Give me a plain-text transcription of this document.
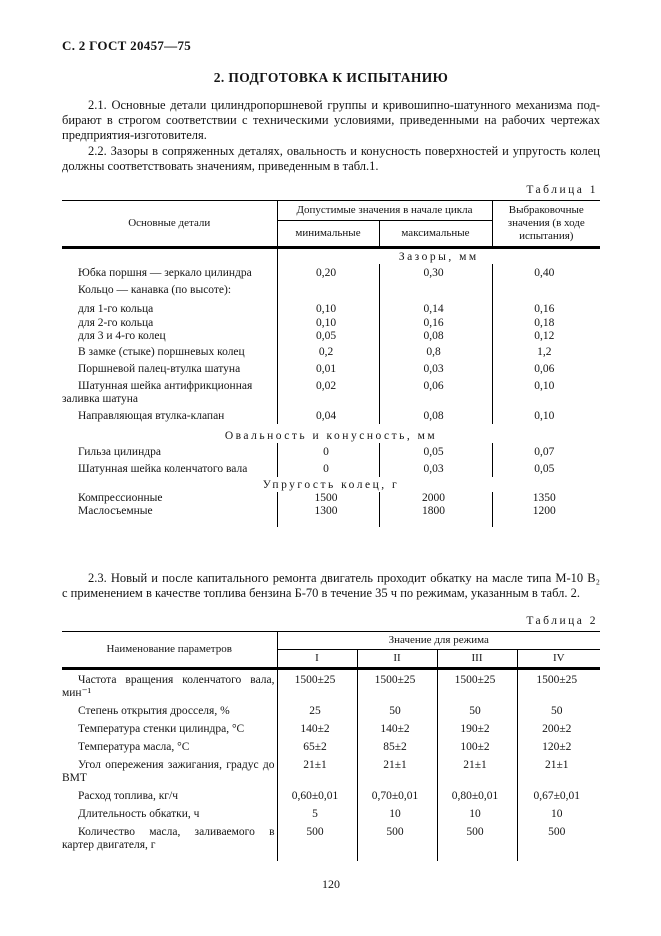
С. 2 ГОСТ 20457—75
2. ПОДГОТОВКА К ИСПЫТАНИЮ
2.1. Основные детали цилиндропоршневой группы и кривошипно-шатунного механизма под-
бирают в строгом соответствии с техническими условиями, приведенными на рабочих чертежах
предприятия-изготовителя.
2.2. Зазоры в сопряженных деталях, овальность и конусность поверхностей и упругость колец
должны соответствовать значениям, приведенным в табл.1.
Таблица 1
Основные детали	Допустимые значения в начале цикла		Выбраковочные значения (в ходе испытания)
	минимальные	максимальные	
	Зазоры, мм		
Юбка поршня — зеркало цилиндра	0,20	0,30	0,40
Кольцо — канавка (по высоте):			
для 1-го кольца	0,10	0,14	0,16
для 2-го кольца	0,10	0,16	0,18
для 3 и 4-го колец	0,05	0,08	0,12
В замке (стыке) поршневых колец	0,2	0,8	1,2
Поршневой палец-втулка шатуна	0,01	0,03	0,06
Шатунная шейка антифрикционная заливка шатуна	0,02	0,06	0,10
Направляющая втулка-клапан	0,04	0,08	0,10
Овальность и конусность, мм			
Гильза цилиндра	0	0,05	0,07
Шатунная шейка коленчатого вала	0	0,03	0,05
Упругость колец, г			
Компрессионные	1500	2000	1350
Маслосъемные	1300	1800	1200

2.3. Новый и после капитального ремонта двигатель проходит обкатку на масле типа М-10 В₂
с применением в качестве топлива бензина Б-70 в течение 35 ч по режимам, указанным в табл. 2.
Таблица 2
Наименование параметров	Значение для режима			
	I	II	III	IV
Частота вращения коленчатого вала, мин⁻¹	1500±25	1500±25	1500±25	1500±25
Степень открытия дросселя, %	25	50	50	50
Температура стенки цилиндра, °С	140±2	140±2	190±2	200±2
Температура масла, °С	65±2	85±2	100±2	120±2
Угол опережения зажигания, градус до ВМТ	21±1	21±1	21±1	21±1
Расход топлива, кг/ч	0,60±0,01	0,70±0,01	0,80±0,01	0,67±0,01
Длительность обкатки, ч	5	10	10	10
Количество масла, заливаемого в картер двигателя, г	500	500	500	500

120
